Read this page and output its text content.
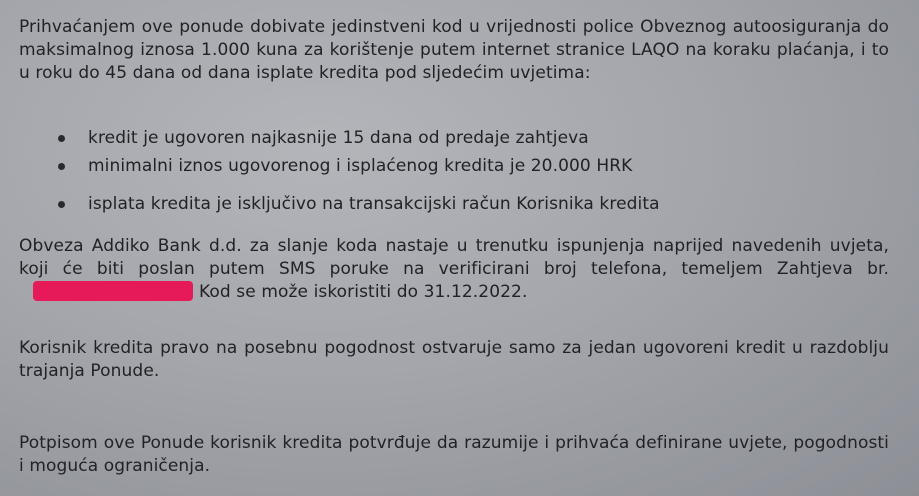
Prihvaćanjem ove ponude dobivate jedinstveni kod u vrijednosti police Obveznog autoosiguranja do maksimalnog iznosa 1.000 kuna za korištenje putem internet stranice LAQO na koraku plaćanja, i to u roku do 45 dana od dana isplate kredita pod sljedećim uvjetima:
kredit je ugovoren najkasnije 15 dana od predaje zahtjeva
minimalni iznos ugovorenog i isplaćenog kredita je 20.000 HRK
isplata kredita je isključivo na transakcijski račun Korisnika kredita
Obveza Addiko Bank d.d. za slanje koda nastaje u trenutku ispunjenja naprijed navedenih uvjeta, koji će biti poslan putem SMS poruke na verificirani broj telefona, temeljem Zahtjeva br.Kod se može iskoristiti do 31.12.2022.
Korisnik kredita pravo na posebnu pogodnost ostvaruje samo za jedan ugovoreni kredit u razdoblju trajanja Ponude.
Potpisom ove Ponude korisnik kredita potvrđuje da razumije i prihvaća definirane uvjete, pogodnosti i moguća ograničenja.
